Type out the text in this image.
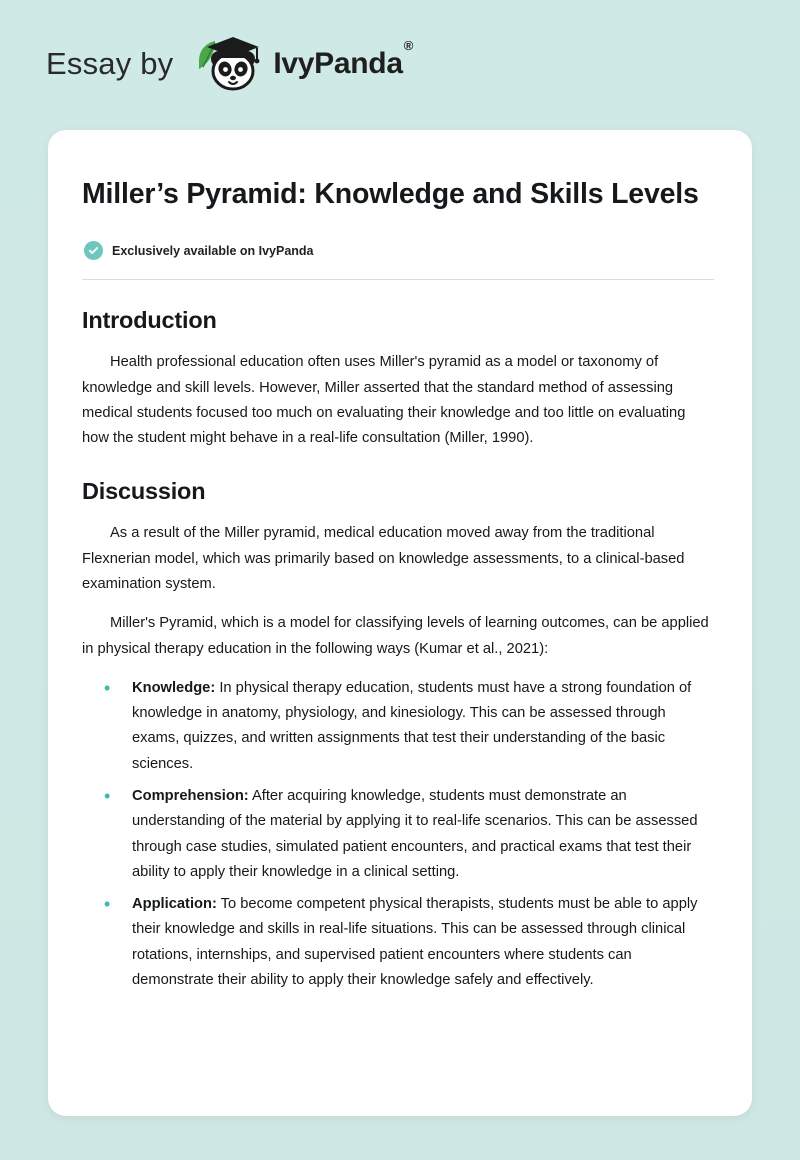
Essay by	IvyPanda®
Miller’s Pyramid: Knowledge and Skills Levels
Exclusively available on IvyPanda
Introduction

Health professional education often uses Miller's pyramid as a model or taxonomy of knowledge and skill levels. However, Miller asserted that the standard method of assessing medical students focused too much on evaluating their knowledge and too little on evaluating how the student might behave in a real-life consultation (Miller, 1990).

Discussion

As a result of the Miller pyramid, medical education moved away from the traditional Flexnerian model, which was primarily based on knowledge assessments, to a clinical-based examination system.

Miller's Pyramid, which is a model for classifying levels of learning outcomes, can be applied in physical therapy education in the following ways (Kumar et al., 2021):

• Knowledge: In physical therapy education, students must have a strong foundation of knowledge in anatomy, physiology, and kinesiology. This can be assessed through exams, quizzes, and written assignments that test their understanding of the basic sciences.
• Comprehension: After acquiring knowledge, students must demonstrate an understanding of the material by applying it to real-life scenarios. This can be assessed through case studies, simulated patient encounters, and practical exams that test their ability to apply their knowledge in a clinical setting.
• Application: To become competent physical therapists, students must be able to apply their knowledge and skills in real-life situations. This can be assessed through clinical rotations, internships, and supervised patient encounters where students can demonstrate their ability to apply their knowledge safely and effectively.
